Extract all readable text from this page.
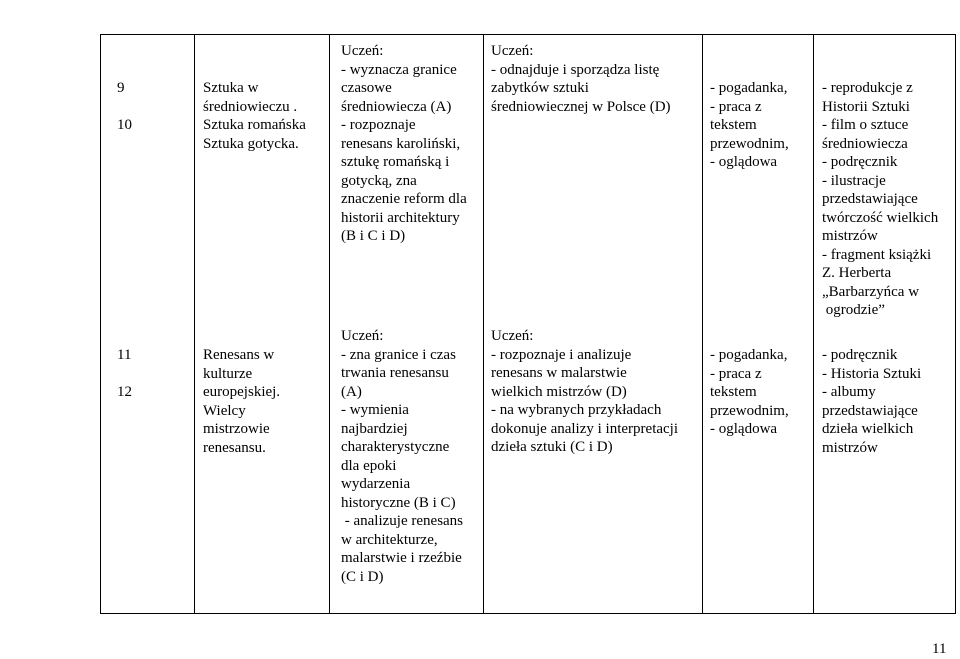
9

10
Sztuka w
średniowieczu .
Sztuka romańska
Sztuka gotycka.
Uczeń:
- wyznacza granice
czasowe
średniowiecza (A)
- rozpoznaje
renesans karoliński,
sztukę romańską i
gotycką, zna
znaczenie reform dla
historii architektury
(B i C i D)
Uczeń:
- odnajduje i sporządza listę
zabytków sztuki
średniowiecznej w Polsce (D)
- pogadanka,
- praca z
tekstem
przewodnim,
- oglądowa
- reprodukcje z
Historii Sztuki
- film o sztuce
średniowiecza
- podręcznik
- ilustracje
przedstawiające
twórczość wielkich
mistrzów
- fragment książki
Z. Herberta
„Barbarzyńca w
ogrodzie”
11

12
Renesans w
kulturze
europejskiej.
Wielcy
mistrzowie
renesansu.
Uczeń:
- zna granice i czas
trwania renesansu
(A)
- wymienia
najbardziej
charakterystyczne
dla epoki
wydarzenia
historyczne (B i C)
- analizuje renesans
w architekturze,
malarstwie i rzeźbie
(C i D)
Uczeń:
- rozpoznaje i analizuje
renesans w malarstwie
wielkich mistrzów (D)
- na wybranych przykładach
dokonuje analizy i interpretacji
dzieła sztuki (C i D)
- pogadanka,
- praca z
tekstem
przewodnim,
- oglądowa
- podręcznik
- Historia Sztuki
- albumy
przedstawiające
dzieła wielkich
mistrzów
11
